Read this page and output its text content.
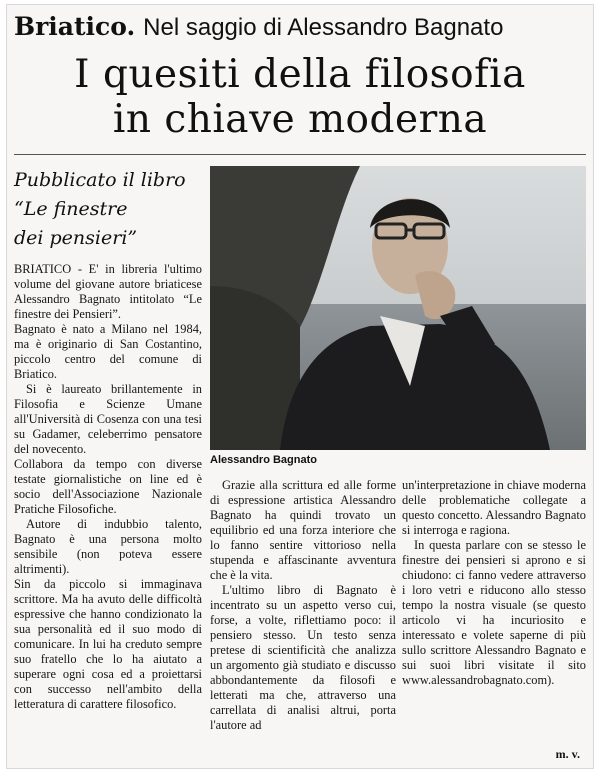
Briatico. Nel saggio di Alessandro Bagnato
I quesiti della filosofia
in chiave moderna
Pubblicato il libro
“Le finestre
dei pensieri”
Alessandro Bagnato

BRIATICO - E' in libreria l'ultimo volume del giovane autore briaticese Alessandro Bagnato intitolato “Le finestre dei Pensieri”.

Bagnato è nato a Milano nel 1984, ma è originario di San Costantino, piccolo centro del comune di Briatico.

Si è laureato brillantemente in Filosofia e Scienze Umane all'Università di Cosenza con una tesi su Gadamer, celeberrimo pensatore del novecento.

Collabora da tempo con diverse testate giornalistiche on line ed è socio dell'Associazione Nazionale Pratiche Filosofiche.

Autore di indubbio talento, Bagnato è una persona molto sensibile (non poteva essere altrimenti).

Sin da piccolo si immaginava scrittore. Ma ha avuto delle difficoltà espressive che hanno condizionato la sua personalità ed il suo modo di comunicare. In lui ha creduto sempre suo fratello che lo ha aiutato a superare ogni cosa ed a proiettarsi con successo nell'ambito della letteratura di carattere filosofico.

Grazie alla scrittura ed alle forme di espressione artistica Alessandro Bagnato ha quindi trovato un equilibrio ed una forza interiore che lo fanno sentire vittorioso nella stupenda e affascinante avventura che è la vita.

L'ultimo libro di Bagnato è incentrato su un aspetto verso cui, forse, a volte, riflettiamo poco: il pensiero stesso. Un testo senza pretese di scientificità che analizza un argomento già studiato e discusso abbondantemente da filosofi e letterati ma che, attraverso una carrellata di analisi altrui, porta l'autore ad

un'interpretazione in chiave moderna delle problematiche collegate a questo concetto. Alessandro Bagnato si interroga e ragiona.

In questa parlare con se stesso le finestre dei pensieri si aprono e si chiudono: ci fanno vedere attraverso i loro vetri e riducono allo stesso tempo la nostra visuale (se questo articolo vi ha incuriosito e interessato e volete saperne di più sullo scrittore Alessandro Bagnato e sui suoi libri visitate il sito www.alessandrobagnato.com).

m. v.
